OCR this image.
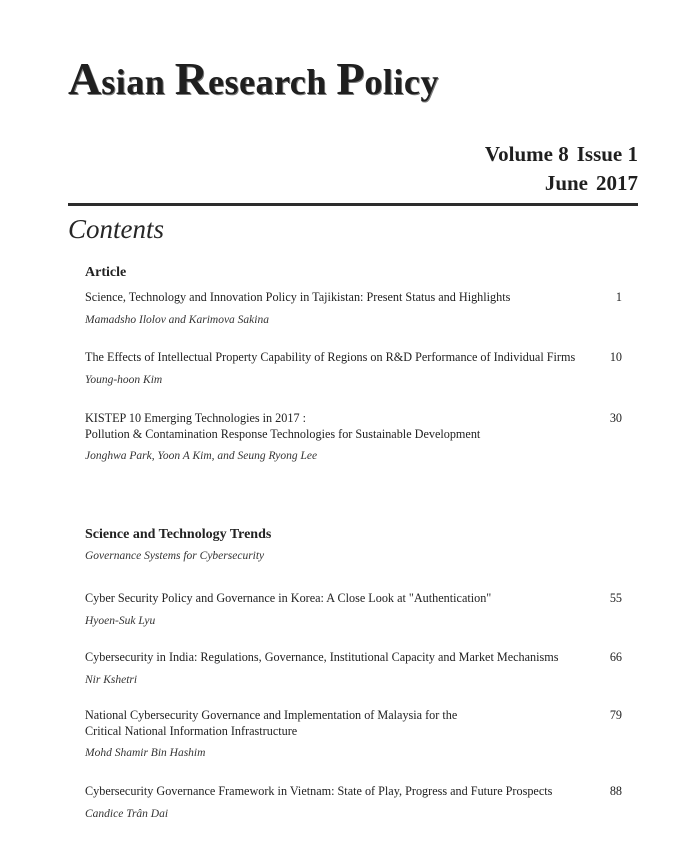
Asian Research Policy
Volume 8 Issue 1
June 2017
Contents
Article

Science, Technology and Innovation Policy in Tajikistan: Present Status and Highlights

Mamadsho Ilolov and Karimova Sakina
1

The Effects of Intellectual Property Capability of Regions on R&D Performance of Individual Firms

Young-hoon Kim
10

KISTEP 10 Emerging Technologies in 2017 :

Pollution & Contamination Response Technologies for Sustainable Development

Jonghwa Park, Yoon A Kim, and Seung Ryong Lee
30
Science and Technology Trends
Governance Systems for Cybersecurity

Cyber Security Policy and Governance in Korea: A Close Look at "Authentication"

Hyoen-Suk Lyu
55

Cybersecurity in India: Regulations, Governance, Institutional Capacity and Market Mechanisms

Nir Kshetri
66

National Cybersecurity Governance and Implementation of Malaysia for the

Critical National Information Infrastructure

Mohd Shamir Bin Hashim
79

Cybersecurity Governance Framework in Vietnam: State of Play, Progress and Future Prospects

Candice Trân Dai
88
